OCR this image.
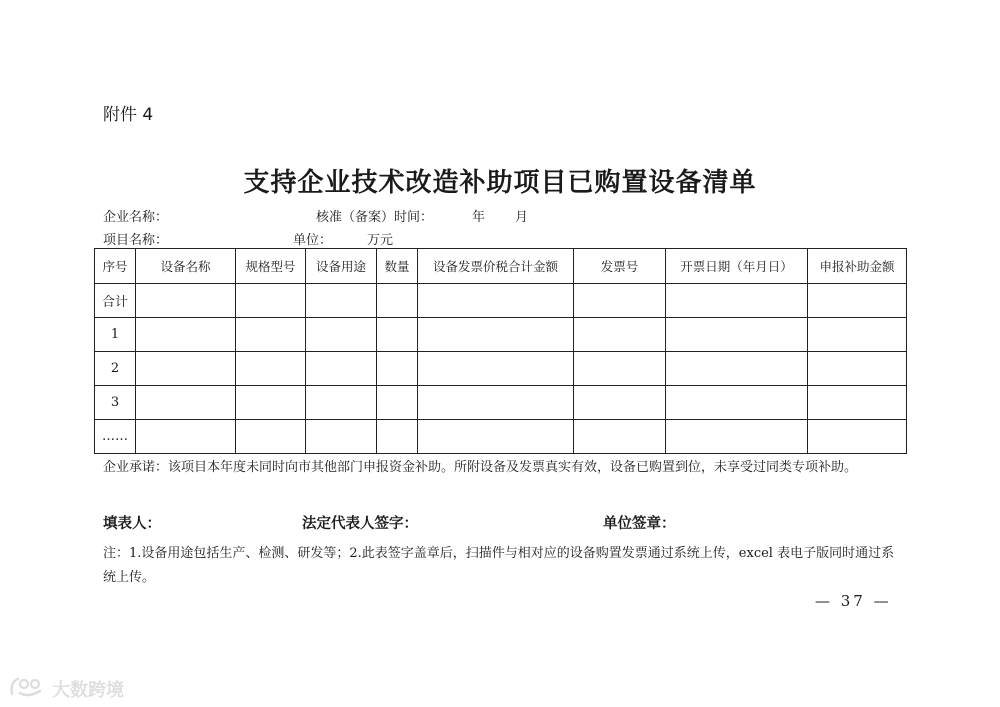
附件 4
支持企业技术改造补助项目已购置设备清单
企业名称：	核准（备案）时间：	年 月
项目名称：	单位：	万元
序号	设备名称	规格型号	设备用途	数量	设备发票价税合计金额	发票号	开票日期（年月日）	申报补助金额
合计								
1								
2								
3								
……								
企业承诺：该项目本年度未同时向市其他部门申报资金补助。所附设备及发票真实有效，设备已购置到位，未享受过同类专项补助。
填表人：	法定代表人签字：	单位签章：
注：1.设备用途包括生产、检测、研发等；2.此表签字盖章后，扫描件与相对应的设备购置发票通过系统上传，excel 表电子版同时通过系统上传。
— 37 —
大数跨境
